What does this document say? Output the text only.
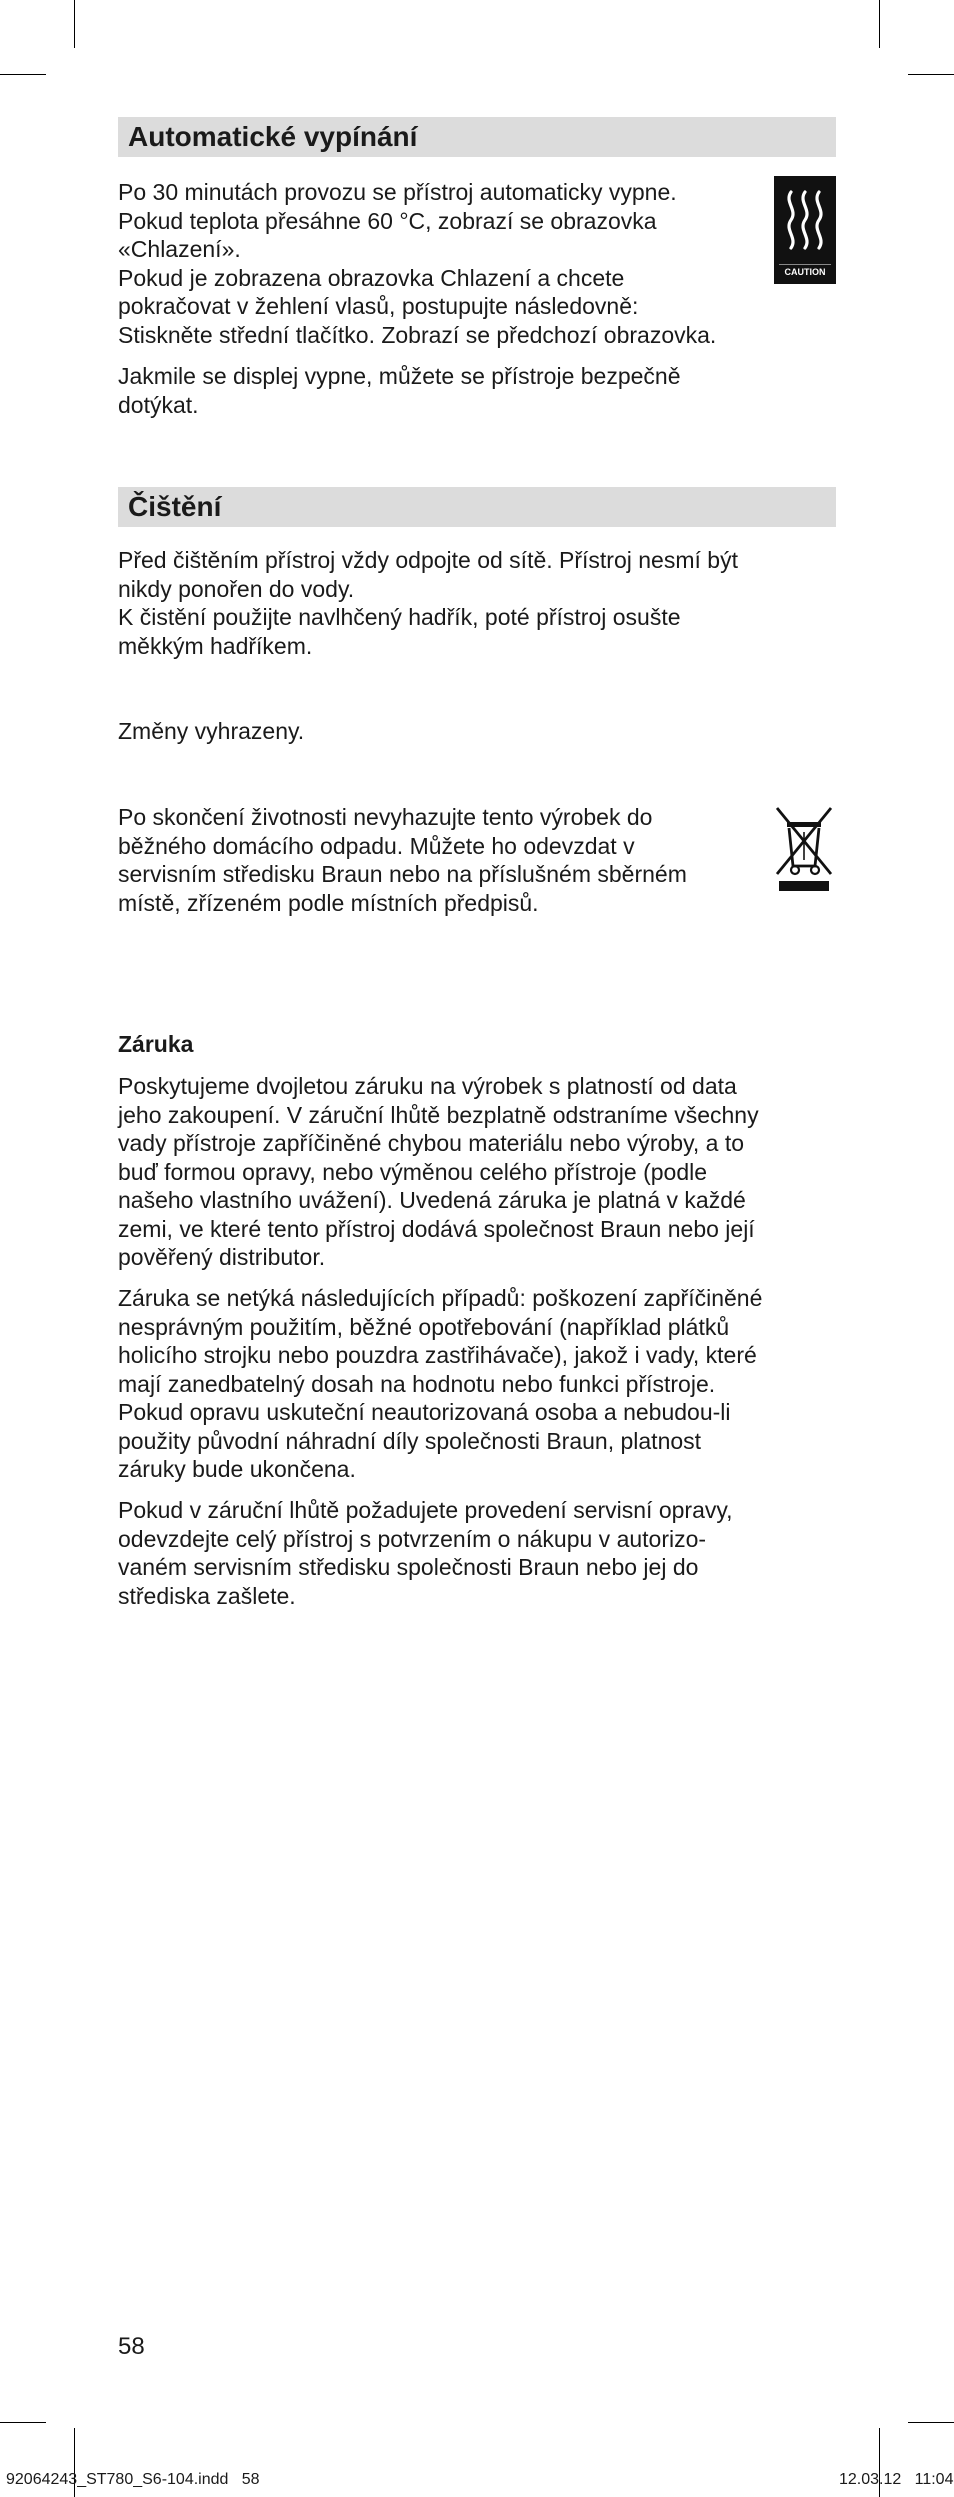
Automatické vypínání

Po 30 minutách provozu se přístroj automaticky vypne.
Pokud teplota přesáhne 60 °C, zobrazí se obrazovka
«Chlazení».
Pokud je zobrazena obrazovka Chlazení a chcete
pokračovat v žehlení vlasů, postupujte následovně:
Stiskněte střední tlačítko. Zobrazí se předchozí obrazovka.

Jakmile se displej vypne, můžete se přístroje bezpečně
dotýkat.

Čištění

Před čištěním přístroj vždy odpojte od sítě. Přístroj nesmí být
nikdy ponořen do vody.
K čistění použijte navlhčený hadřík, poté přístroj osušte
měkkým hadříkem.

Změny vyhrazeny.

Po skončení životnosti nevyhazujte tento výrobek do
běžného domácího odpadu. Můžete ho odevzdat v
servisním středisku Braun nebo na příslušném sběrném
místě, zřízeném podle místních předpisů.

Záruka

Poskytujeme dvojletou záruku na výrobek s platností od data
jeho zakoupení. V záruční lhůtě bezplatně odstraníme všechny
vady přístroje zapříčiněné chybou materiálu nebo výroby, a to
buď formou opravy, nebo výměnou celého přístroje (podle
našeho vlastního uvážení). Uvedená záruka je platná v každé
zemi, ve které tento přístroj dodává společnost Braun nebo její
pověřený distributor.

Záruka se netýká následujících případů: poškození zapříčiněné
nesprávným použitím, běžné opotřebování (například plátků
holicího strojku nebo pouzdra zastřihávače), jakož i vady, které
mají zanedbatelný dosah na hodnotu nebo funkci přístroje.
Pokud opravu uskuteční neautorizovaná osoba a nebudou-li
použity původní náhradní díly společnosti Braun, platnost
záruky bude ukončena.

Pokud v záruční lhůtě požadujete provedení servisní opravy,
odevzdejte celý přístroj s potvrzením o nákupu v autorizo-
vaném servisním středisku společnosti Braun nebo jej do
střediska zašlete.

CAUTION
58
92064243_ST780_S6-104.indd   58	12.03.12   11:04
